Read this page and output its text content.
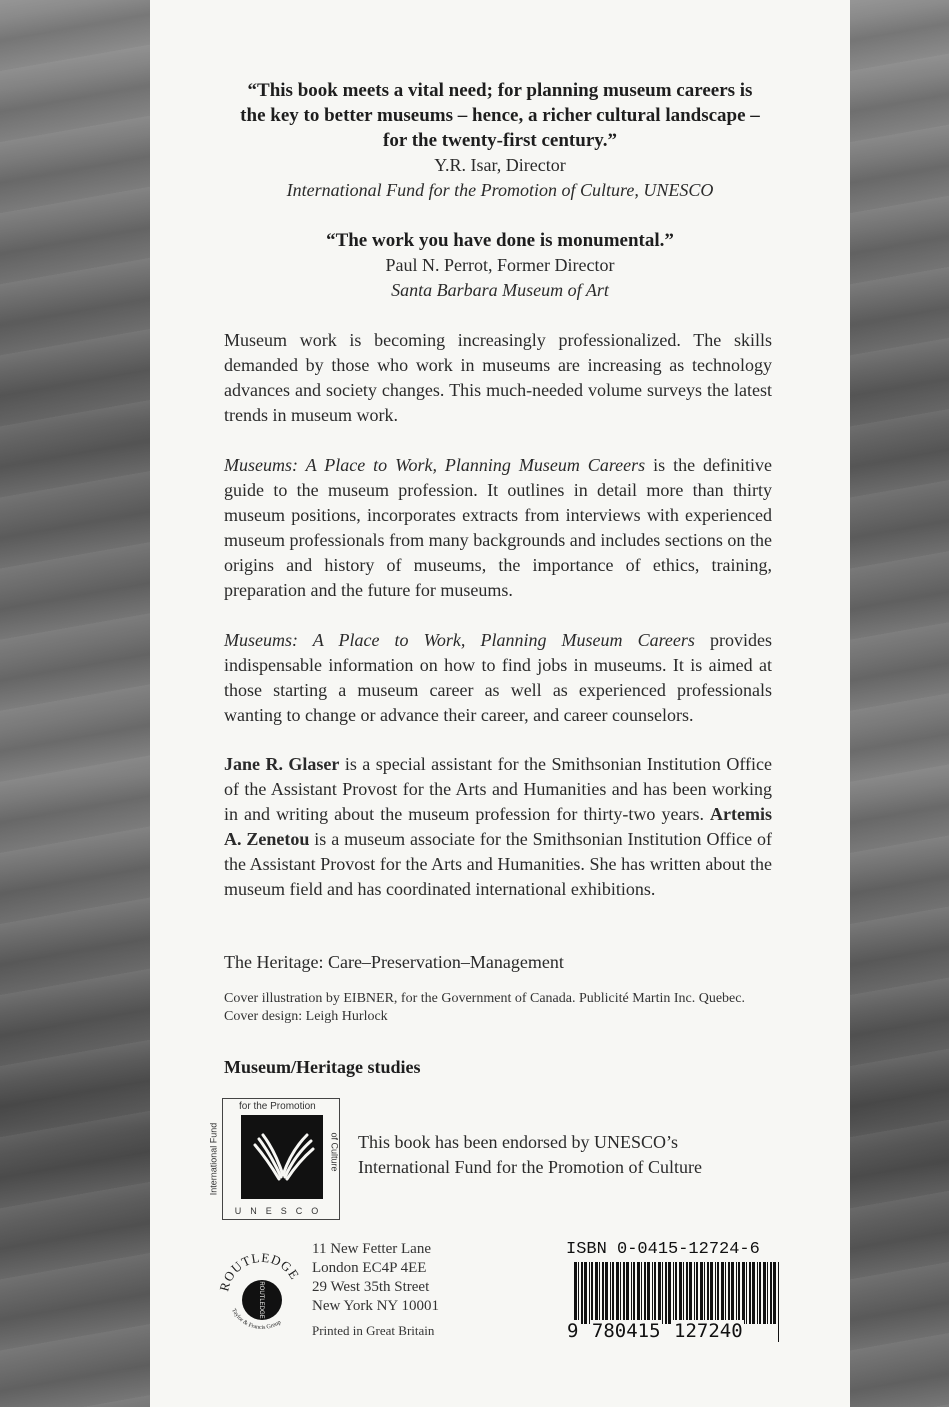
“This book meets a vital need; for planning museum careers is the key to better museums – hence, a richer cultural landscape – for the twenty-first century.”

Y.R. Isar, Director

International Fund for the Promotion of Culture, UNESCO

“The work you have done is monumental.”

Paul N. Perrot, Former Director

Santa Barbara Museum of Art

Museum work is becoming increasingly professionalized. The skills demanded by those who work in museums are increasing as technology advances and society changes. This much-needed volume surveys the latest trends in museum work.

Museums: A Place to Work, Planning Museum Careers is the definitive guide to the museum profession. It outlines in detail more than thirty museum positions, incorporates extracts from interviews with experienced museum professionals from many backgrounds and includes sections on the origins and history of museums, the importance of ethics, training, preparation and the future for museums.

Museums: A Place to Work, Planning Museum Careers provides indispensable information on how to find jobs in museums. It is aimed at those starting a museum career as well as experienced professionals wanting to change or advance their career, and career counselors.

Jane R. Glaser is a special assistant for the Smithsonian Institution Office of the Assistant Provost for the Arts and Humanities and has been working in and writing about the museum profession for thirty-two years. Artemis A. Zenetou is a museum associate for the Smithsonian Institution Office of the Assistant Provost for the Arts and Humanities. She has written about the museum field and has coordinated international exhibitions.

The Heritage: Care–Preservation–Management

Cover illustration by EIBNER, for the Government of Canada. Publicité Martin Inc. Quebec.
Cover design: Leigh Hurlock

Museum/Heritage studies

for the Promotion
International Fund	of Culture
UNESCO
This book has been endorsed by UNESCO’s
International Fund for the Promotion of Culture
ROUTLEDGE
ROUTLEDGE
Taylor & Francis Group
11 New Fetter Lane
London EC4P 4EE
29 West 35th Street
New York NY 10001
Printed in Great Britain

ISBN 0-0415-12724-6

9 780415 127240
